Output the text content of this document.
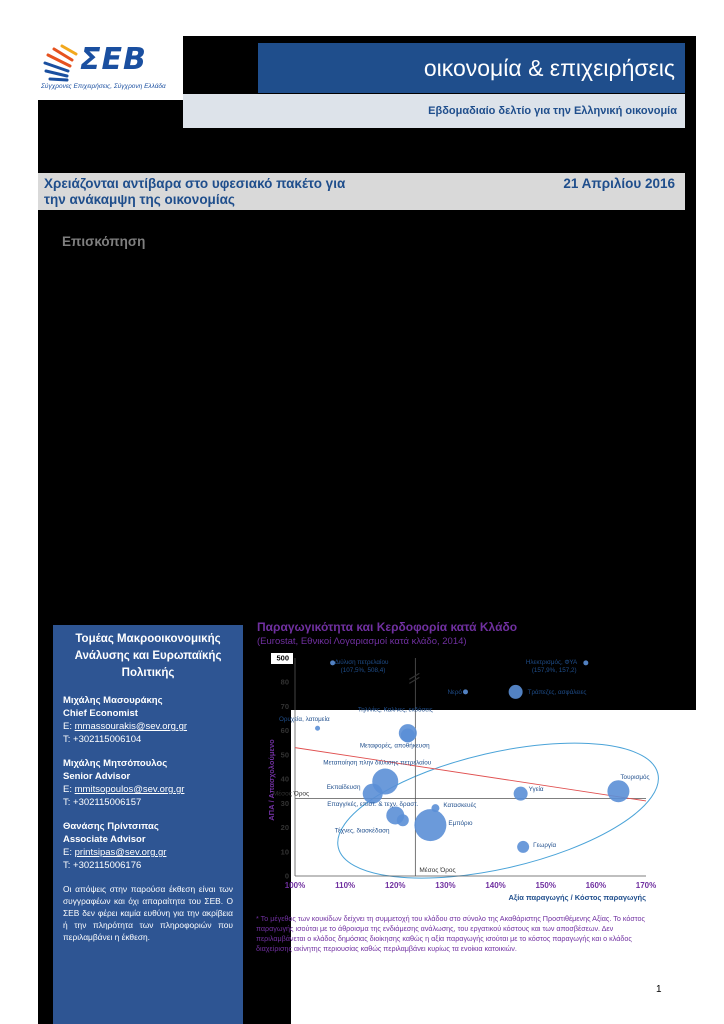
ΣΕΒ
Σύγχρονες Επιχειρήσεις, Σύγχρονη Ελλάδα
οικονομία & επιχειρήσεις
Εβδομαδιαίο δελτίο για την Ελληνική οικονομία
Χρειάζονται αντίβαρα στο υφεσιακό πακέτο για την ανάκαμψη της οικονομίας
21 Απριλίου 2016
Επισκόπηση
Τομέας Μακροοικονομικής Ανάλυσης και Ευρωπαϊκής Πολιτικής
Μιχάλης Μασουράκης
Chief Economist
E: mmassourakis@sev.org.gr
T: +302115006104
Μιχάλης Μητσόπουλος
Senior Advisor
E: mmitsopoulos@sev.org.gr
T: +302115006157
Θανάσης Πρίντσιπας
Associate Advisor
E: printsipas@sev.org.gr
T: +302115006176
Οι απόψεις στην παρούσα έκθεση είναι των συγγραφέων και όχι απαραίτητα του ΣΕΒ. Ο ΣΕΒ δεν φέρει καμία ευθύνη για την ακρίβεια ή την πληρότητα των πληροφοριών που περιλαμβάνει η έκθεση.
Παραγωγικότητα και Κερδοφορία κατά Κλάδο
(Eurostat, Εθνικοί Λογαριασμοί κατά κλάδο, 2014)
0
10
20
30
40
50
60
70
80
500
100%	110%	120%	130%	140%	150%	160%	170%
Αξία παραγωγής / Κόστος παραγωγής
ΑΠΑ / Απασχολούμενο
Μέσος Όρος
Μέσος Όρος
Διύλιση πετρελαίου
(107,5%, 508,4)
Ηλεκτρισμός, ΦΥΑ
(157,9%, 157,2)
Νερό	Τράπεζες, ασφάλειες
Ορυχεία, λατομεία
Τηλ/νίες, Καλ/νες, εκδόσεις
Μεταφορές, αποθήκευση
Μεταποίηση πλην διύλισης πετρελαίου
Τουρισμός
Υγεία
Εκπαίδευση
Κατασκευές
Επαγγ/κές, επιστ. & τεχν. δραστ.
Τέχνες, διασκέδαση
Εμπόριο
Γεωργία
* Το μέγεθος των κουκίδων δείχνει τη συμμετοχή του κλάδου στο σύνολο της Ακαθάριστης Προστιθέμενης Αξίας. Το κόστος παραγωγής ισούται με το άθροισμα της ενδιάμεσης ανάλωσης, του εργατικού κόστους και των αποσβέσεων. Δεν περιλαμβάνεται ο κλάδος δημόσιας διοίκησης καθώς η αξία παραγωγής ισούται με το κόστος παραγωγής και ο κλάδος διαχείρισης ακίνητης περιουσίας καθώς περιλαμβάνει κυρίως τα ενοίκια κατοικιών.
1
